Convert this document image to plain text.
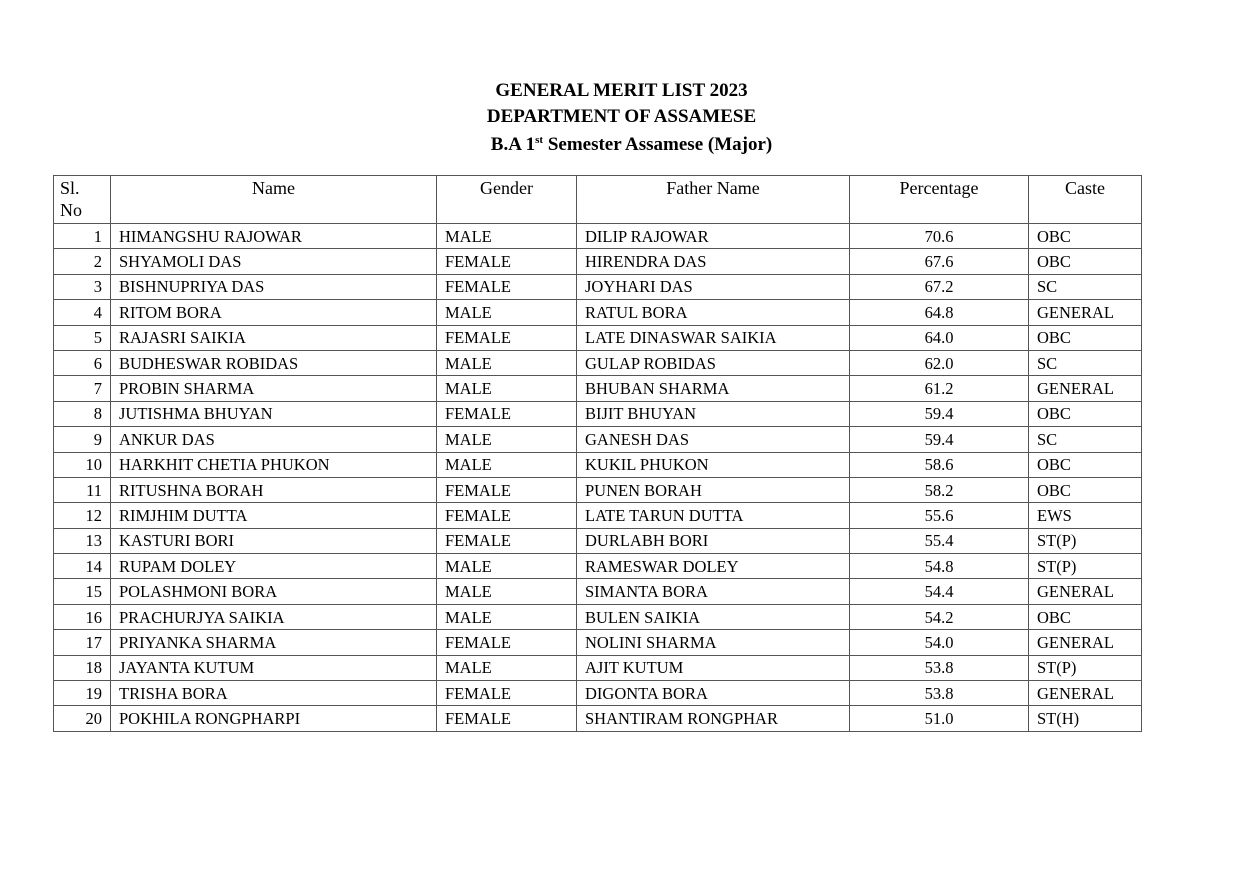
GENERAL MERIT LIST 2023
DEPARTMENT OF ASSAMESE
B.A 1st Semester Assamese (Major)
Sl. No	Name	Gender	Father Name	Percentage	Caste
1	HIMANGSHU RAJOWAR	MALE	DILIP RAJOWAR	70.6	OBC
2	SHYAMOLI DAS	FEMALE	HIRENDRA DAS	67.6	OBC
3	BISHNUPRIYA DAS	FEMALE	JOYHARI DAS	67.2	SC
4	RITOM BORA	MALE	RATUL BORA	64.8	GENERAL
5	RAJASRI SAIKIA	FEMALE	LATE DINASWAR SAIKIA	64.0	OBC
6	BUDHESWAR ROBIDAS	MALE	GULAP ROBIDAS	62.0	SC
7	PROBIN SHARMA	MALE	BHUBAN SHARMA	61.2	GENERAL
8	JUTISHMA BHUYAN	FEMALE	BIJIT BHUYAN	59.4	OBC
9	ANKUR DAS	MALE	GANESH DAS	59.4	SC
10	HARKHIT CHETIA PHUKON	MALE	KUKIL PHUKON	58.6	OBC
11	RITUSHNA BORAH	FEMALE	PUNEN BORAH	58.2	OBC
12	RIMJHIM DUTTA	FEMALE	LATE TARUN DUTTA	55.6	EWS
13	KASTURI BORI	FEMALE	DURLABH BORI	55.4	ST(P)
14	RUPAM DOLEY	MALE	RAMESWAR DOLEY	54.8	ST(P)
15	POLASHMONI BORA	MALE	SIMANTA BORA	54.4	GENERAL
16	PRACHURJYA SAIKIA	MALE	BULEN SAIKIA	54.2	OBC
17	PRIYANKA SHARMA	FEMALE	NOLINI SHARMA	54.0	GENERAL
18	JAYANTA KUTUM	MALE	AJIT KUTUM	53.8	ST(P)
19	TRISHA BORA	FEMALE	DIGONTA BORA	53.8	GENERAL
20	POKHILA RONGPHARPI	FEMALE	SHANTIRAM RONGPHAR	51.0	ST(H)
